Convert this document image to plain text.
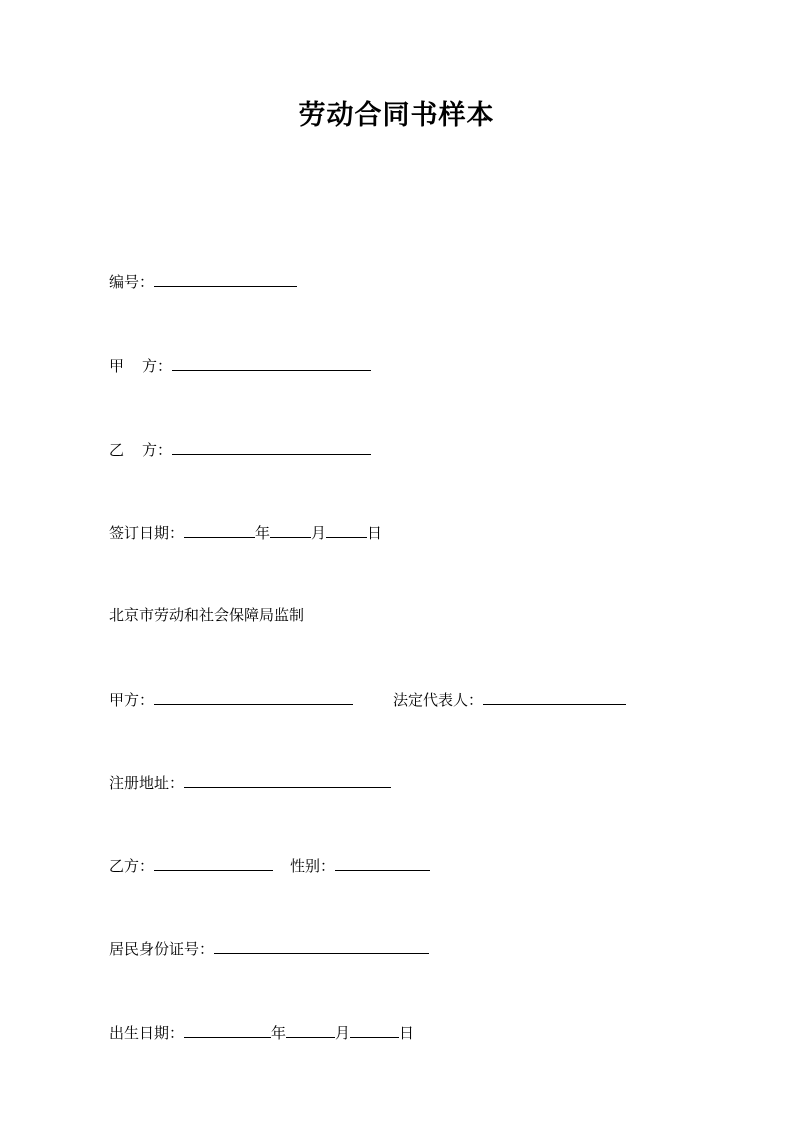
劳动合同书样本
编号：
甲 方：
乙 方：
签订日期：	年	月	日
北京市劳动和社会保障局监制
甲方：	法定代表人：
注册地址：
乙方：	性别：
居民身份证号：
出生日期：	年	月	日
